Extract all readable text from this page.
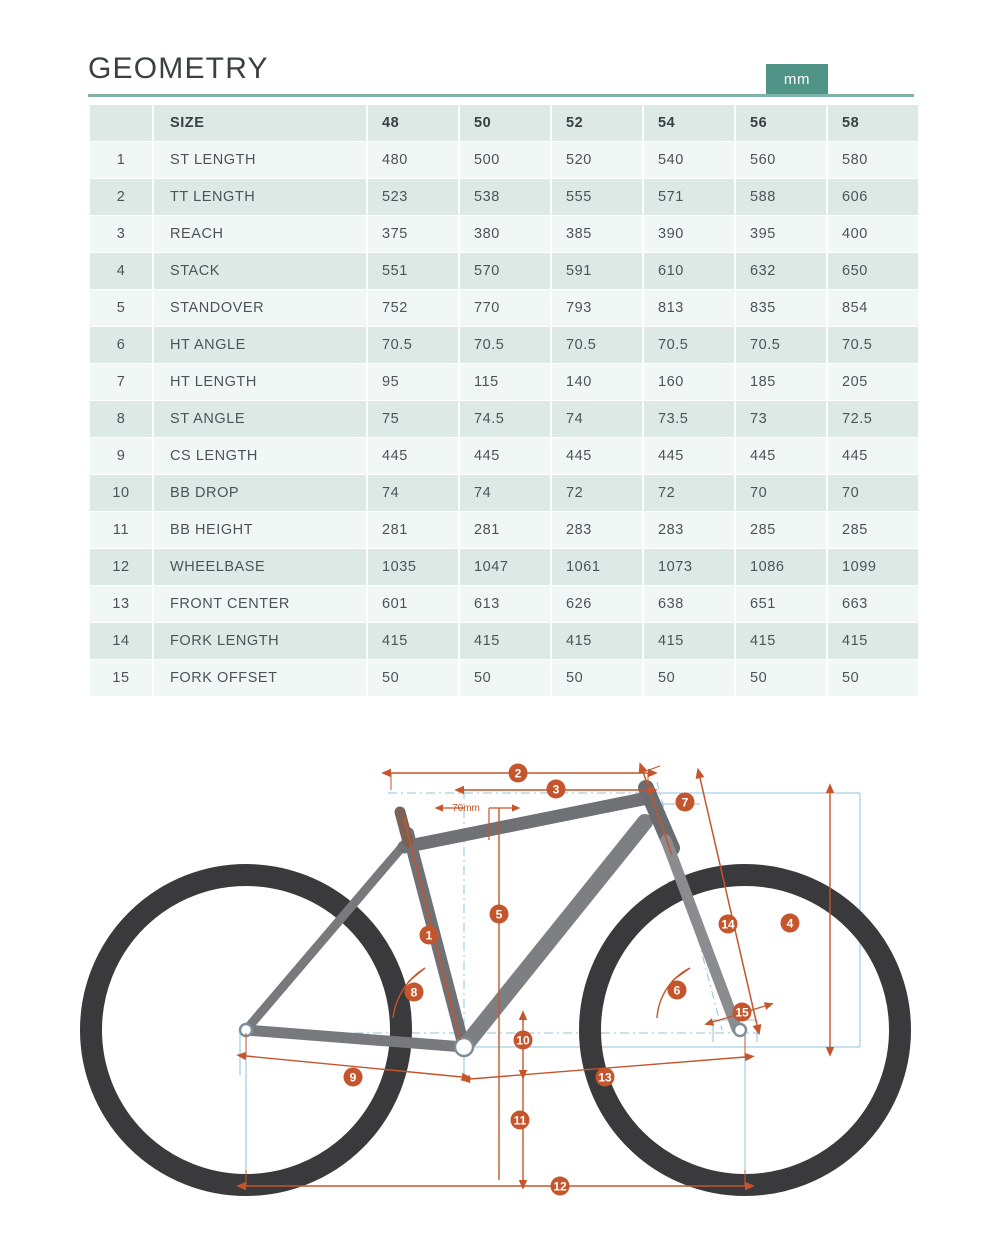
GEOMETRY	mm
	SIZE	48	50	52	54	56	58
1	ST LENGTH	480	500	520	540	560	580
2	TT LENGTH	523	538	555	571	588	606
3	REACH	375	380	385	390	395	400
4	STACK	551	570	591	610	632	650
5	STANDOVER	752	770	793	813	835	854
6	HT ANGLE	70.5	70.5	70.5	70.5	70.5	70.5
7	HT LENGTH	95	115	140	160	185	205
8	ST ANGLE	75	74.5	74	73.5	73	72.5
9	CS LENGTH	445	445	445	445	445	445
10	BB DROP	74	74	72	72	70	70
11	BB HEIGHT	281	281	283	283	285	285
12	WHEELBASE	1035	1047	1061	1073	1086	1099
13	FRONT CENTER	601	613	626	638	651	663
14	FORK LENGTH	415	415	415	415	415	415
15	FORK OFFSET	50	50	50	50	50	50
70mm
1
2
3
4
5
6
7
8
9
10
11
12
13
14
15
